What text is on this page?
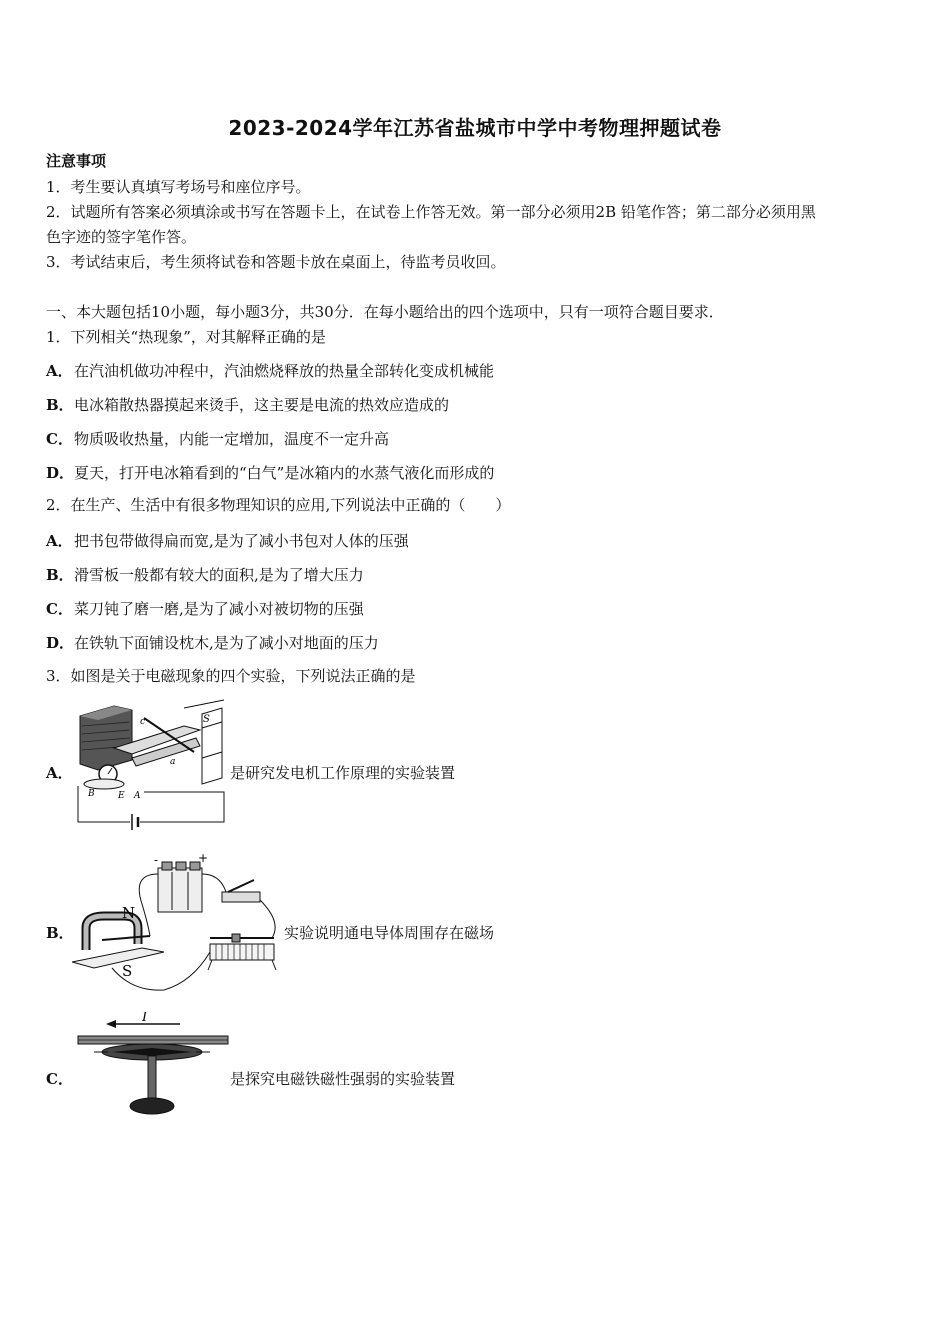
2023-2024学年江苏省盐城市中学中考物理押题试卷
注意事项
1．考生要认真填写考场号和座位序号。
2．试题所有答案必须填涂或书写在答题卡上，在试卷上作答无效。第一部分必须用2B 铅笔作答；第二部分必须用黑
色字迹的签字笔作答。
3．考试结束后，考生须将试卷和答题卡放在桌面上，待监考员收回。
一、本大题包括10小题，每小题3分，共30分．在每小题给出的四个选项中，只有一项符合题目要求．
1．下列相关“热现象”，对其解释正确的是
A． 在汽油机做功冲程中，汽油燃烧释放的热量全部转化变成机械能
B． 电冰箱散热器摸起来烫手，这主要是电流的热效应造成的
C． 物质吸收热量，内能一定增加，温度不一定升高
D． 夏天，打开电冰箱看到的“白气”是冰箱内的水蒸气液化而形成的
2．在生产、生活中有很多物理知识的应用,下列说法中正确的（　　）
A． 把书包带做得扁而宽,是为了减小书包对人体的压强
B． 滑雪板一般都有较大的面积,是为了增大压力
C． 菜刀钝了磨一磨,是为了减小对被切物的压强
D． 在铁轨下面铺设枕木,是为了减小对地面的压力
3．如图是关于电磁现象的四个实验，下列说法正确的是
A．
S
c
a
B	E A
是研究发电机工作原理的实验装置
B．
-	+
N
S
实验说明通电导体周围存在磁场
C．
I
是探究电磁铁磁性强弱的实验装置
